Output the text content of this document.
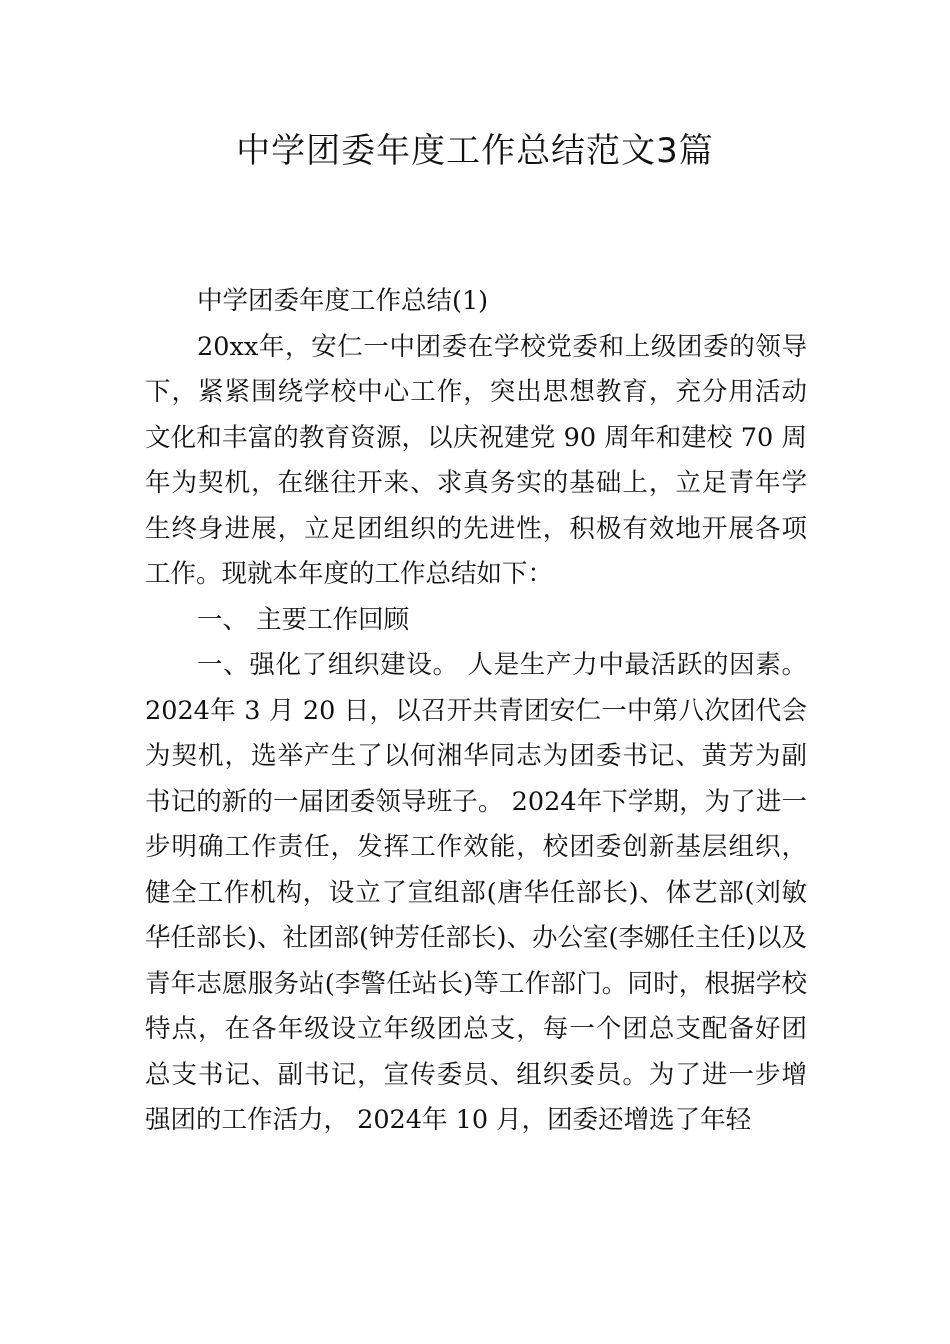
中学团委年度工作总结范文3篇

中学团委年度工作总结(1)

20xx年，安仁一中团委在学校党委和上级团委的领导下，紧紧围绕学校中心工作，突出思想教育，充分用活动文化和丰富的教育资源，以庆祝建党 90 周年和建校 70 周年为契机，在继往开来、求真务实的基础上，立足青年学生终身进展，立足团组织的先进性，积极有效地开展各项工作。现就本年度的工作总结如下：

一、 主要工作回顾

一、强化了组织建设。 人是生产力中最活跃的因素。 2024年 3 月 20 日，以召开共青团安仁一中第八次团代会为契机，选举产生了以何湘华同志为团委书记、黄芳为副书记的新的一届团委领导班子。 2024年下学期，为了进一步明确工作责任，发挥工作效能，校团委创新基层组织，健全工作机构，设立了宣组部(唐华任部长)、体艺部(刘敏华任部长)、社团部(钟芳任部长)、办公室(李娜任主任)以及青年志愿服务站(李警任站长)等工作部门。同时，根据学校特点，在各年级设立年级团总支，每一个团总支配备好团总支书记、副书记，宣传委员、组织委员。为了进一步增强团的工作活力， 2024年 10 月，团委还增选了年轻
